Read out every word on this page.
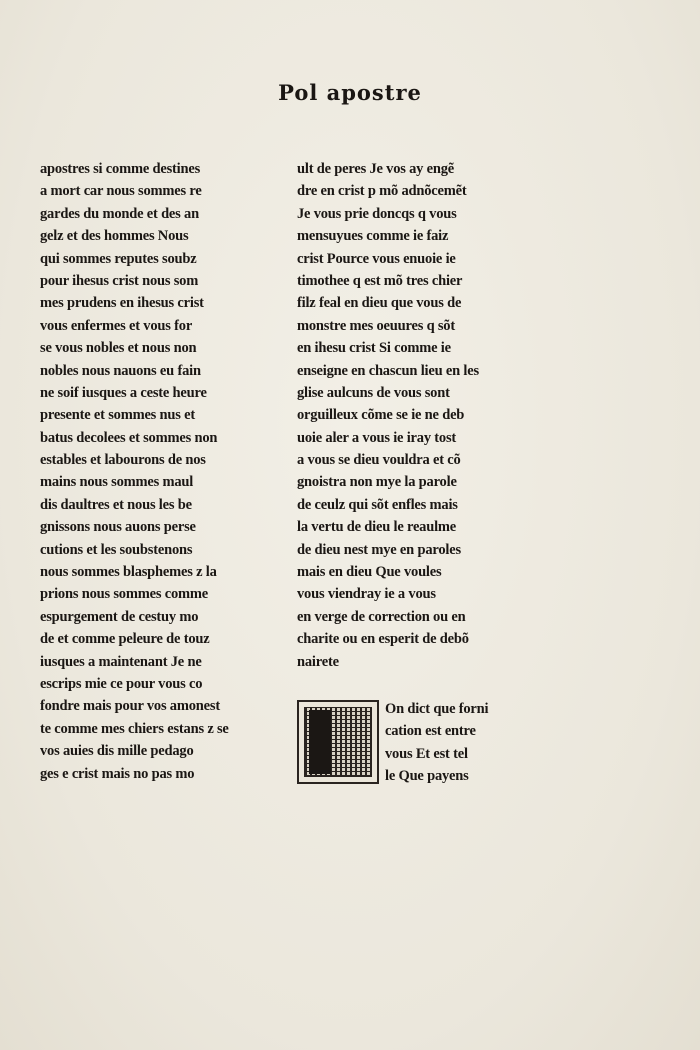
Pol apostre
apostres si comme destines
a mort car nous sommes re
gardes du monde et des an
gelz et des hommes Nous
qui sommes reputes soubz
pour ihesus crist nous som
mes prudens en ihesus crist
vous enfermes et vous for
se vous nobles et nous non
nobles nous nauons eu fain
ne soif iusques a ceste heure
presente et sommes nus et
batus decolees et sommes non
estables et labourons de nos
mains nous sommes maul
dis daultres et nous les be
gnissons nous auons perse
cutions et les soubstenons
nous sommes blasphemes z la
prions nous sommes comme
espurgement de cestuy mo
de et comme peleure de touz
iusques a maintenant Je ne
escrips mie ce pour vous co
fondre mais pour vos amonest
te comme mes chiers estans z se
vos auies dis mille pedago
ges e crist mais no pas mo
ult de peres Je vos ay engẽ
dre en crist p mõ adnõcemẽt
Je vous prie doncqs q vous
mensuyues comme ie faiz
crist Pource vous enuoie ie
timothee q est mõ tres chier
filz feal en dieu que vous de
monstre mes oeuures q sõt
en ihesu crist Si comme ie
enseigne en chascun lieu en les
glise aulcuns de vous sont
orguilleux cõme se ie ne deb
uoie aler a vous ie iray tost
a vous se dieu vouldra et cõ
gnoistra non mye la parole
de ceulz qui sõt enfles mais
la vertu de dieu le reaulme
de dieu nest mye en paroles
mais en dieu Que voules
vous viendray ie a vous
en verge de correction ou en
charite ou en esperit de debõ
nairete
On dict que forni
cation est entre
vous Et est tel
le Que payens
